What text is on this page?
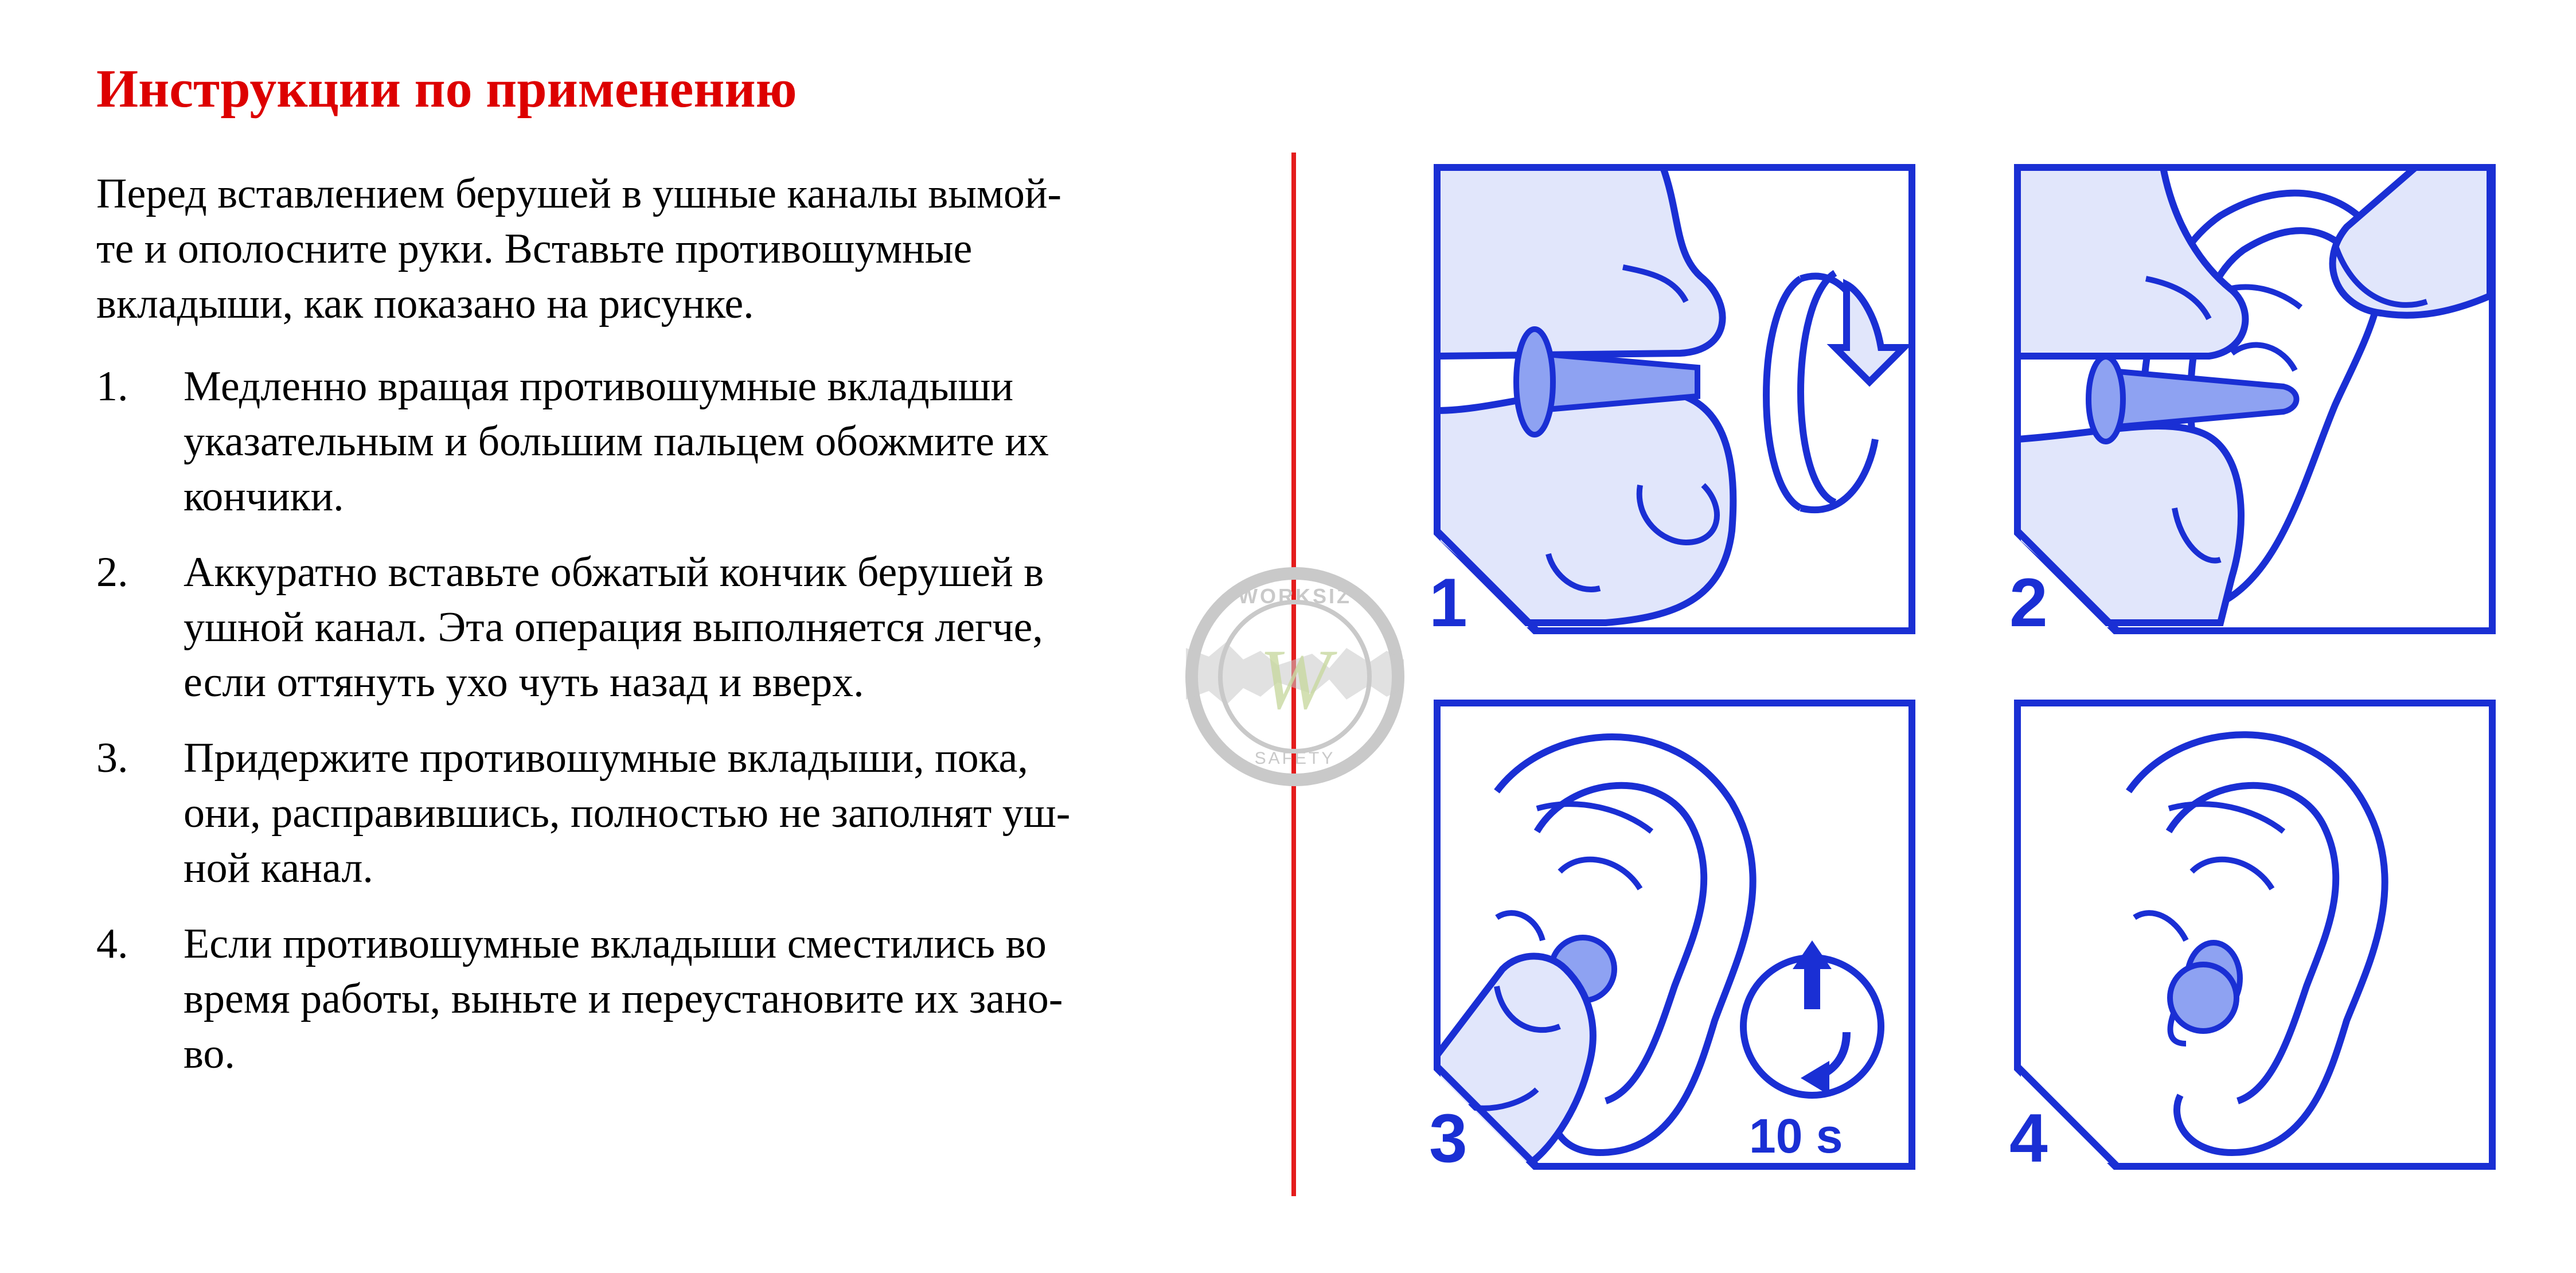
Инструкции по применению

Перед вставлением берушей в ушные каналы вымой-

те и ополосните руки. Вставьте противошумные

вкладыши, как показано на рисунке.

1. Медленно вращая противошумные вкладыши
указательным и большим пальцем обожмите их
кончики.
2. Аккуратно вставьте обжатый кончик берушей в
ушной канал. Эта операция выполняется легче,
если оттянуть ухо чуть назад и вверх.
3. Придержите противошумные вкладыши, пока,
они, расправившись, полностью не заполнят уш-
ной канал.
4. Если противошумные вкладыши сместились во
время работы, выньте и переустановите их зано-
во.
W
WORKSIZ
SAFETY
1	2
3	10 s 4
